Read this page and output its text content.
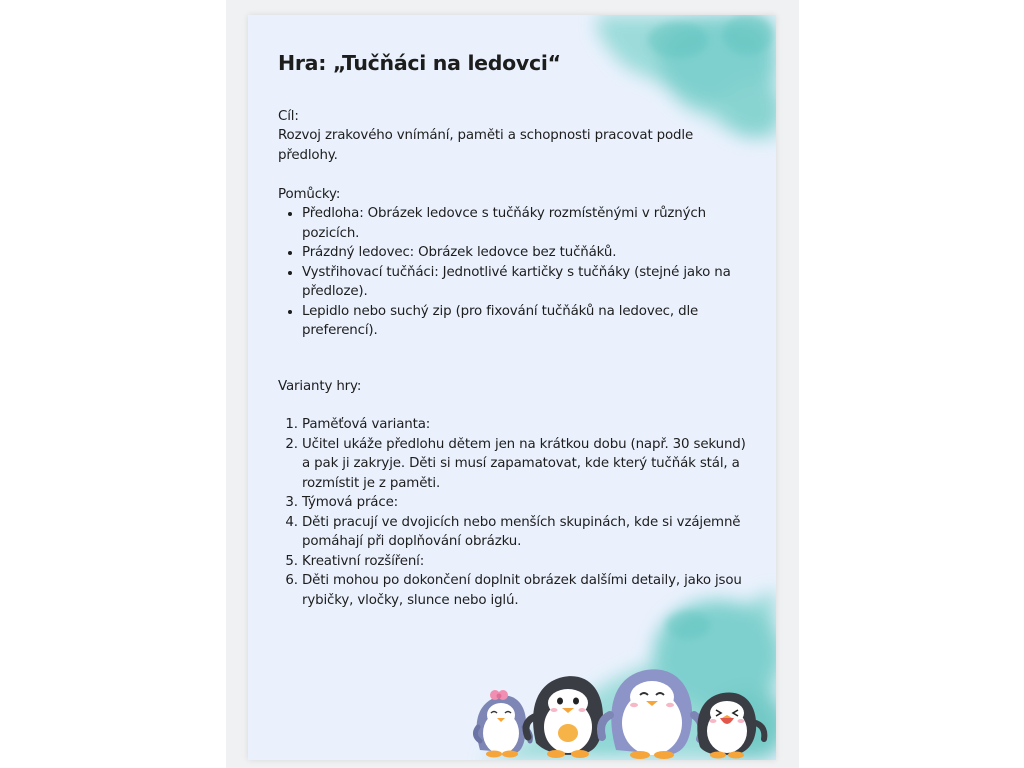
Hra: „Tučňáci na ledovci“

Cíl:

Rozvoj zrakového vnímání, paměti a schopnosti pracovat podle předlohy.

Pomůcky:

• Předloha: Obrázek ledovce s tučňáky rozmístěnými v různých pozicích.
• Prázdný ledovec: Obrázek ledovce bez tučňáků.
• Vystřihovací tučňáci: Jednotlivé kartičky s tučňáky (stejné jako na předloze).
• Lepidlo nebo suchý zip (pro fixování tučňáků na ledovec, dle preferencí).

Varianty hry:

1. Paměťová varianta:
2. Učitel ukáže předlohu dětem jen na krátkou dobu (např. 30 sekund) a pak ji zakryje. Děti si musí zapamatovat, kde který tučňák stál, a rozmístit je z paměti.
3. Týmová práce:
4. Děti pracují ve dvojicích nebo menších skupinách, kde si vzájemně pomáhají při doplňování obrázku.
5. Kreativní rozšíření:
6. Děti mohou po dokončení doplnit obrázek dalšími detaily, jako jsou rybičky, vločky, slunce nebo iglú.
